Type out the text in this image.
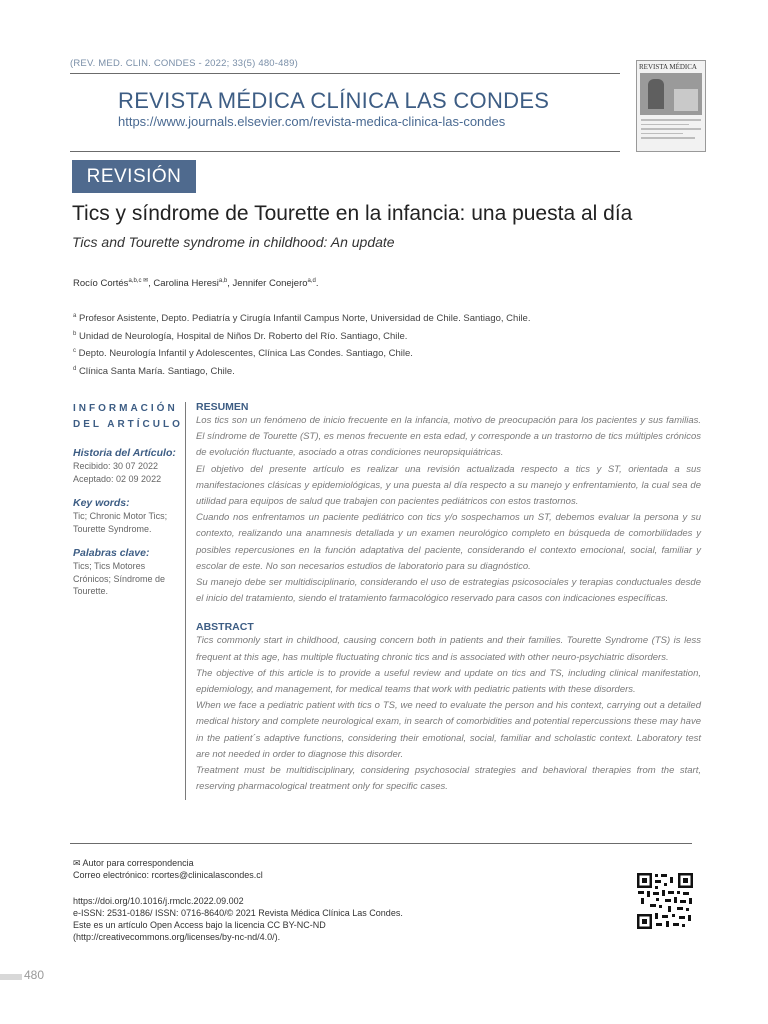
(REV. MED. CLIN. CONDES - 2022; 33(5) 480-489)
REVISTA MÉDICA CLÍNICA LAS CONDES
https://www.journals.elsevier.com/revista-medica-clinica-las-condes
REVISTA MÉDICA
REVISIÓN
Tics y síndrome de Tourette en la infancia: una puesta al día
Tics and Tourette syndrome in childhood: An update
Rocío Cortés$^{a,b,c ✉}$, Carolina Heresi$^{a,b}$, Jennifer Conejero$^{a,d}$.
$^a$ Profesor Asistente, Depto. Pediatría y Cirugía Infantil Campus Norte, Universidad de Chile. Santiago, Chile.
$^b$ Unidad de Neurología, Hospital de Niños Dr. Roberto del Río. Santiago, Chile.
$^c$ Depto. Neurología Infantil y Adolescentes, Clínica Las Condes. Santiago, Chile.
$^d$ Clínica Santa María. Santiago, Chile.
INFORMACIÓN DEL ARTÍCULO
Historia del Artículo:
Recibido: 30 07 2022
Aceptado: 02 09 2022
Key words:
Tic; Chronic Motor Tics; Tourette Syndrome.
Palabras clave:
Tics; Tics Motores Crónicos; Síndrome de Tourette.
RESUMEN
Los tics son un fenómeno de inicio frecuente en la infancia, motivo de preocupación para los pacientes y sus familias. El síndrome de Tourette (ST), es menos frecuente en esta edad, y corresponde a un trastorno de tics múltiples crónicos de evolución fluctuante, asociado a otras condiciones neuropsiquiátricas.
El objetivo del presente artículo es realizar una revisión actualizada respecto a tics y ST, orientada a sus manifestaciones clásicas y epidemiológicas, y una puesta al día respecto a su manejo y enfrentamiento, la cual sea de utilidad para equipos de salud que trabajen con pacientes pediátricos con estos trastornos.
Cuando nos enfrentamos un paciente pediátrico con tics y/o sospechamos un ST, debemos evaluar la persona y su contexto, realizando una anamnesis detallada y un examen neurológico completo en búsqueda de comorbilidades y posibles repercusiones en la función adaptativa del paciente, considerando el contexto emocional, social, familiar y escolar de este. No son necesarios estudios de laboratorio para su diagnóstico.
Su manejo debe ser multidisciplinario, considerando el uso de estrategias psicosociales y terapias conductuales desde el inicio del tratamiento, siendo el tratamiento farmacológico reservado para casos con indicaciones específicas.
ABSTRACT
Tics commonly start in childhood, causing concern both in patients and their families. Tourette Syndrome (TS) is less frequent at this age, has multiple fluctuating chronic tics and is associated with other neuro-psychiatric disorders.
The objective of this article is to provide a useful review and update on tics and TS, including clinical manifestation, epidemiology, and management, for medical teams that work with pediatric patients with these disorders.
When we face a pediatric patient with tics o TS, we need to evaluate the person and his context, carrying out a detailed medical history and complete neurological exam, in search of comorbidities and potential repercussions these may have in the patient´s adaptive functions, considering their emotional, social, familiar and scholastic context. Laboratory test are not needed in order to diagnose this disorder.
Treatment must be multidisciplinary, considering psychosocial strategies and behavioral therapies from the start, reserving pharmacological treatment only for specific cases.
✉ Autor para correspondencia
Correo electrónico: rcortes@clinicalascondes.cl
https://doi.org/10.1016/j.rmclc.2022.09.002
e-ISSN: 2531-0186/ ISSN: 0716-8640/© 2021 Revista Médica Clínica Las Condes.
Este es un artículo Open Access bajo la licencia CC BY-NC-ND
(http://creativecommons.org/licenses/by-nc-nd/4.0/).
480
